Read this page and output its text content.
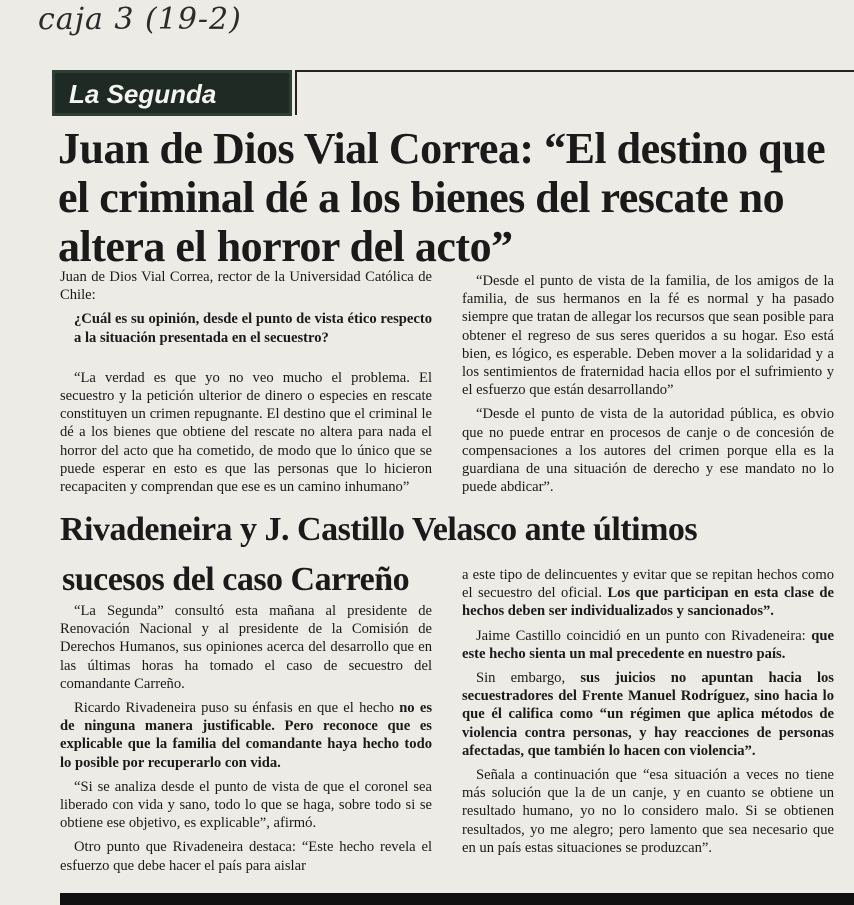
caja 3 (19-2)
La Segunda
Juan de Dios Vial Correa: “El destino que el criminal dé a los bienes del rescate no altera el horror del acto”

Juan de Dios Vial Correa, rector de la Universidad Católica de Chile:

¿Cuál es su opinión, desde el punto de vista ético respecto a la situación presentada en el secuestro?

“La verdad es que yo no veo mucho el problema. El secuestro y la petición ulterior de dinero o especies en rescate constituyen un crimen repugnante. El destino que el criminal le dé a los bienes que obtiene del rescate no altera para nada el horror del acto que ha cometido, de modo que lo único que se puede esperar en esto es que las personas que lo hicieron recapaciten y comprendan que ese es un camino inhumano”

“Desde el punto de vista de la familia, de los amigos de la familia, de sus hermanos en la fé es normal y ha pasado siempre que tratan de allegar los recursos que sean posible para obtener el regreso de sus seres queridos a su hogar. Eso está bien, es lógico, es esperable. Deben mover a la solidaridad y a los sentimientos de fraternidad hacia ellos por el sufrimiento y el esfuerzo que están desarrollando”

“Desde el punto de vista de la autoridad pública, es obvio que no puede entrar en procesos de canje o de concesión de compensaciones a los autores del crimen porque ella es la guardiana de una situación de derecho y ese mandato no lo puede abdicar”.

Rivadeneira y J. Castillo Velasco ante últimos
sucesos del caso Carreño

“La Segunda” consultó esta mañana al presidente de Renovación Nacional y al presidente de la Comisión de Derechos Humanos, sus opiniones acerca del desarrollo que en las últimas horas ha tomado el caso de secuestro del comandante Carreño.

Ricardo Rivadeneira puso su énfasis en que el hecho no es de ninguna manera justificable. Pero reconoce que es explicable que la familia del comandante haya hecho todo lo posible por recuperarlo con vida.

“Si se analiza desde el punto de vista de que el coronel sea liberado con vida y sano, todo lo que se haga, sobre todo si se obtiene ese objetivo, es explicable”, afirmó.

Otro punto que Rivadeneira destaca: “Este hecho revela el esfuerzo que debe hacer el país para aislar

a este tipo de delincuentes y evitar que se repitan hechos como el secuestro del oficial. Los que participan en esta clase de hechos deben ser individualizados y sancionados”.

Jaime Castillo coincidió en un punto con Rivadeneira: que este hecho sienta un mal precedente en nuestro país.

Sin embargo, sus juicios no apuntan hacia los secuestradores del Frente Manuel Rodríguez, sino hacia lo que él califica como “un régimen que aplica métodos de violencia contra personas, y hay reacciones de personas afectadas, que también lo hacen con violencia”.

Señala a continuación que “esa situación a veces no tiene más solución que la de un canje, y en cuanto se obtiene un resultado humano, yo no lo considero malo. Si se obtienen resultados, yo me alegro; pero lamento que sea necesario que en un país estas situaciones se produzcan”.
